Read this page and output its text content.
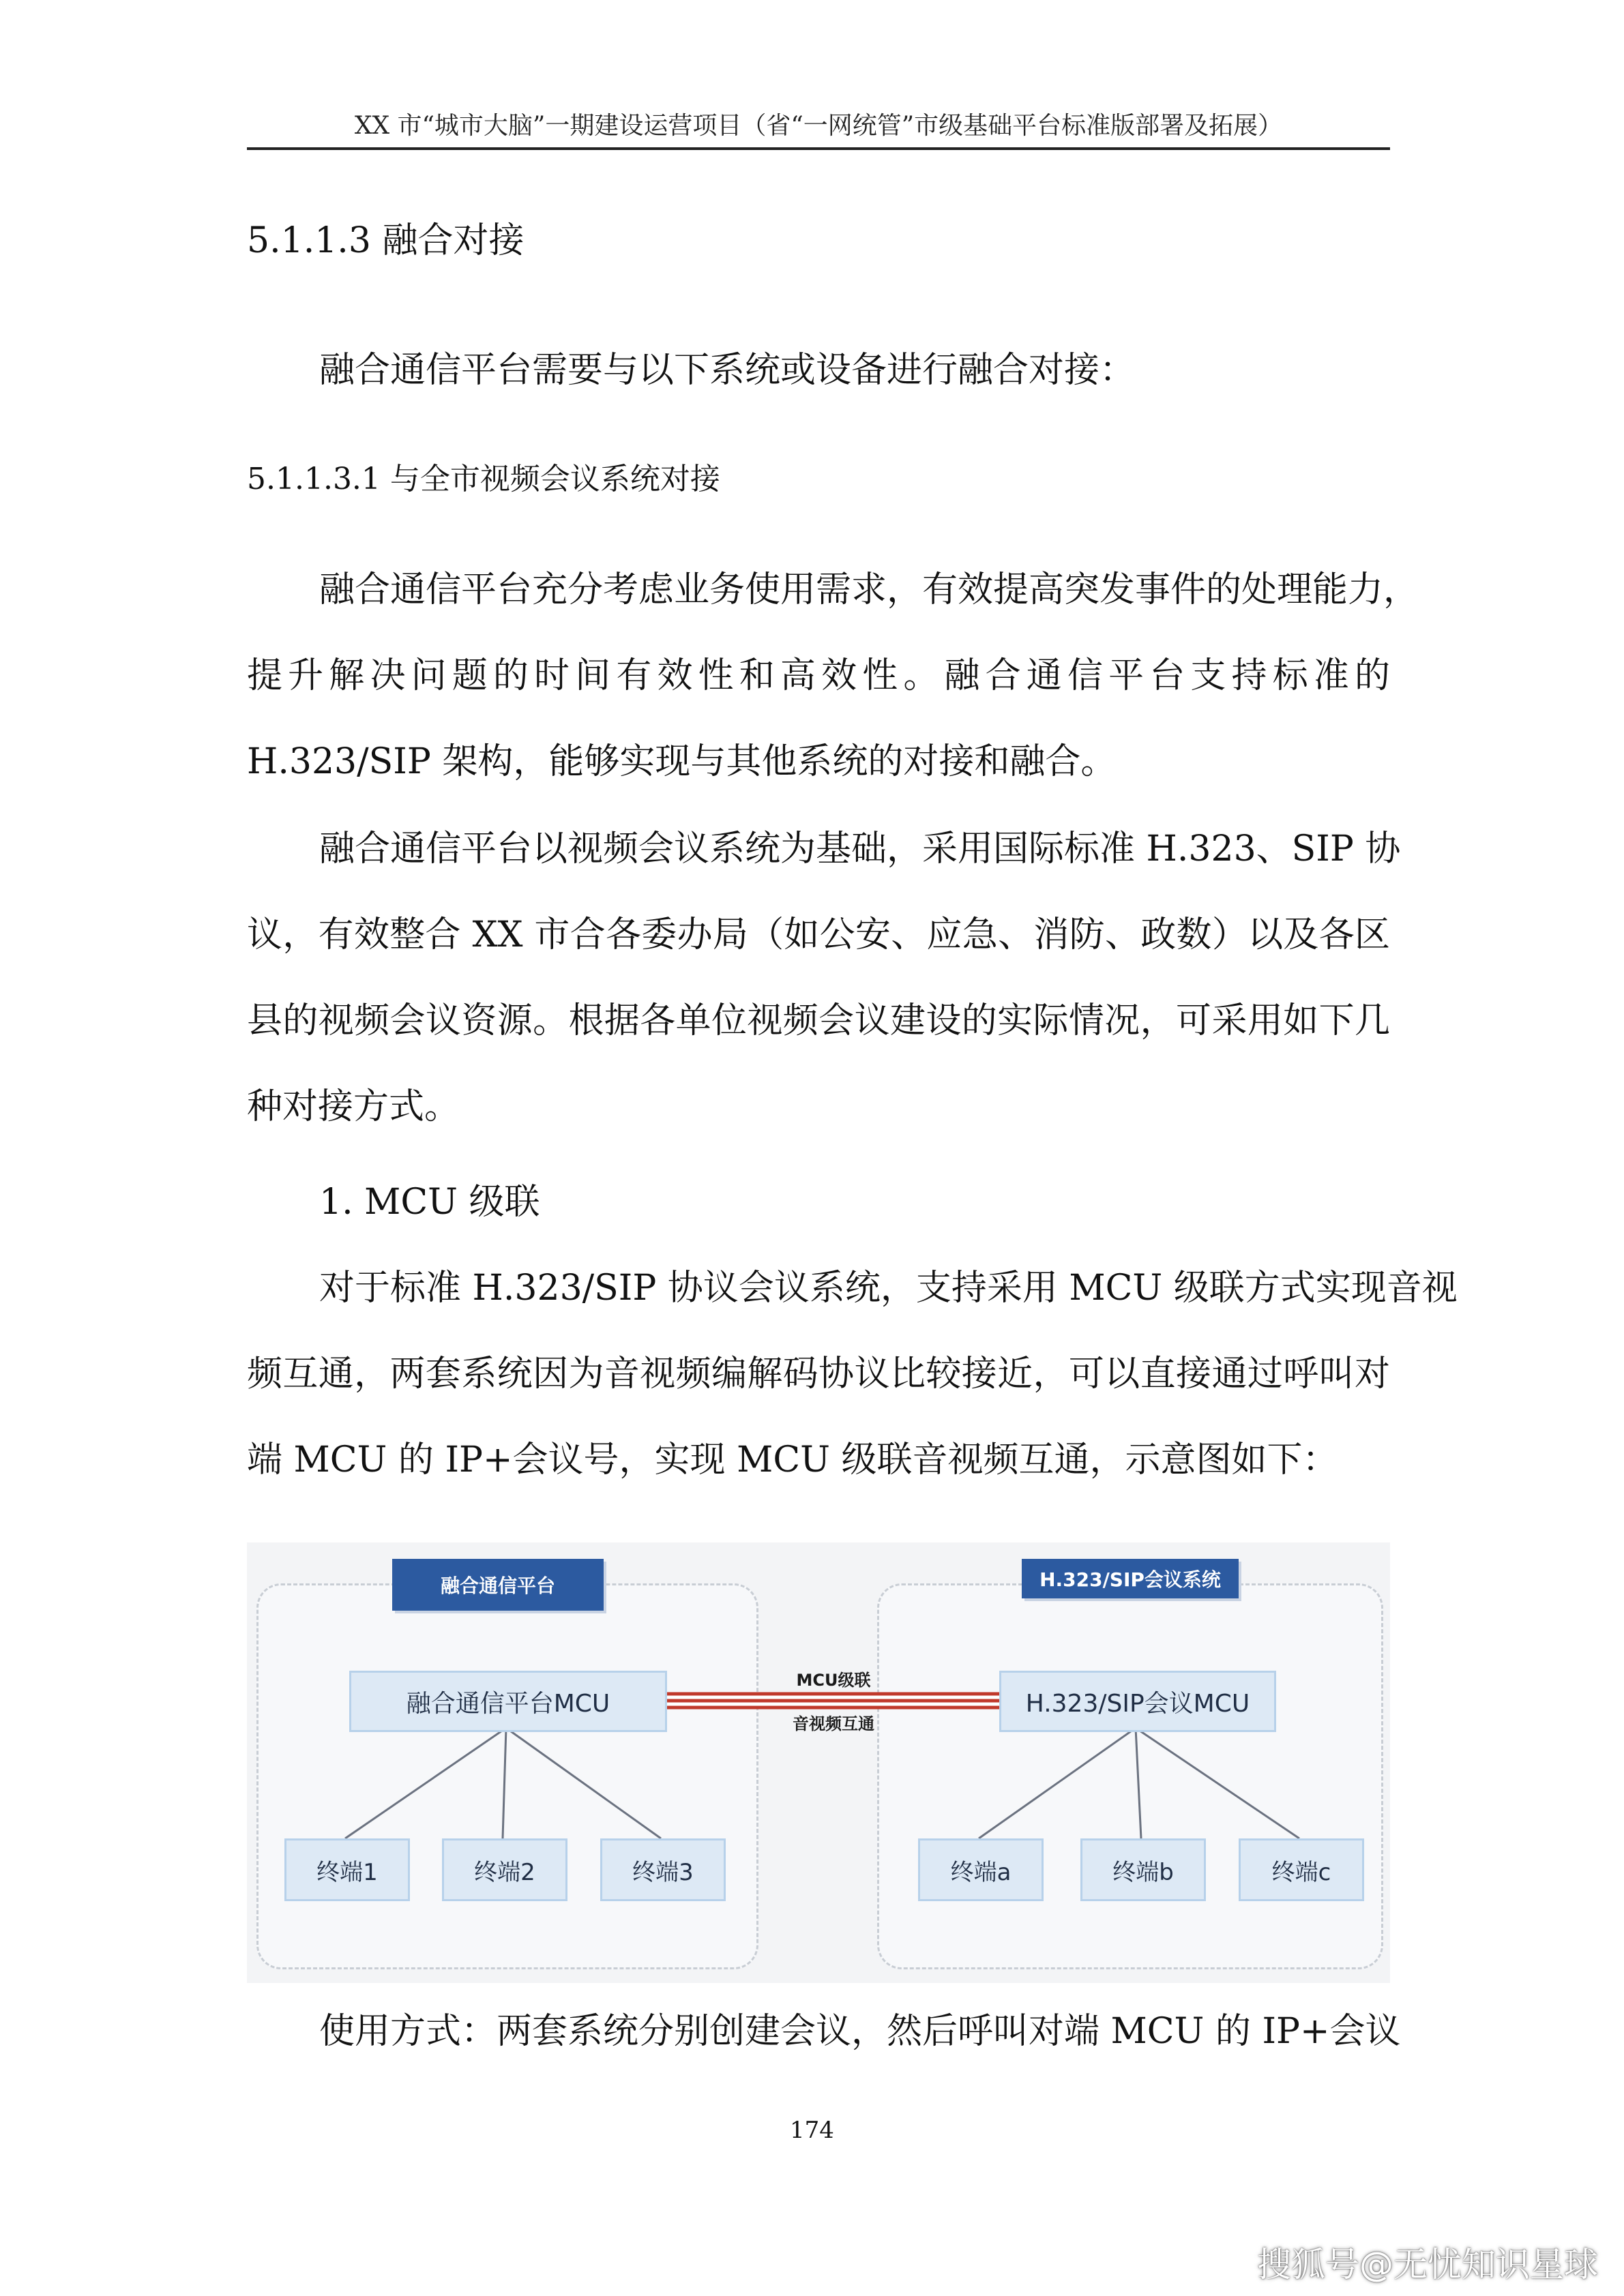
XX 市“城市大脑”一期建设运营项目（省“一网统管”市级基础平台标准版部署及拓展）
5.1.1.3 融合对接
融合通信平台需要与以下系统或设备进行融合对接：
5.1.1.3.1 与全市视频会议系统对接
融合通信平台充分考虑业务使用需求，有效提高突发事件的处理能力，
提升解决问题的时间有效性和高效性。融合通信平台支持标准的
H.323/SIP 架构，能够实现与其他系统的对接和融合。
融合通信平台以视频会议系统为基础，采用国际标准 H.323、SIP 协
议，有效整合 XX 市合各委办局（如公安、应急、消防、政数）以及各区
县的视频会议资源。根据各单位视频会议建设的实际情况，可采用如下几
种对接方式。
1. MCU 级联
对于标准 H.323/SIP 协议会议系统，支持采用 MCU 级联方式实现音视
频互通，两套系统因为音视频编解码协议比较接近，可以直接通过呼叫对
端 MCU 的 IP+会议号，实现 MCU 级联音视频互通，示意图如下：
融合通信平台	H.323/SIP会议系统
融合通信平台MCU	H.323/SIP会议MCU
MCU级联
音视频互通
终端1	终端2	终端3	终端a	终端b	终端c
使用方式：两套系统分别创建会议，然后呼叫对端 MCU 的 IP+会议
174
搜狐号@无忧知识星球
